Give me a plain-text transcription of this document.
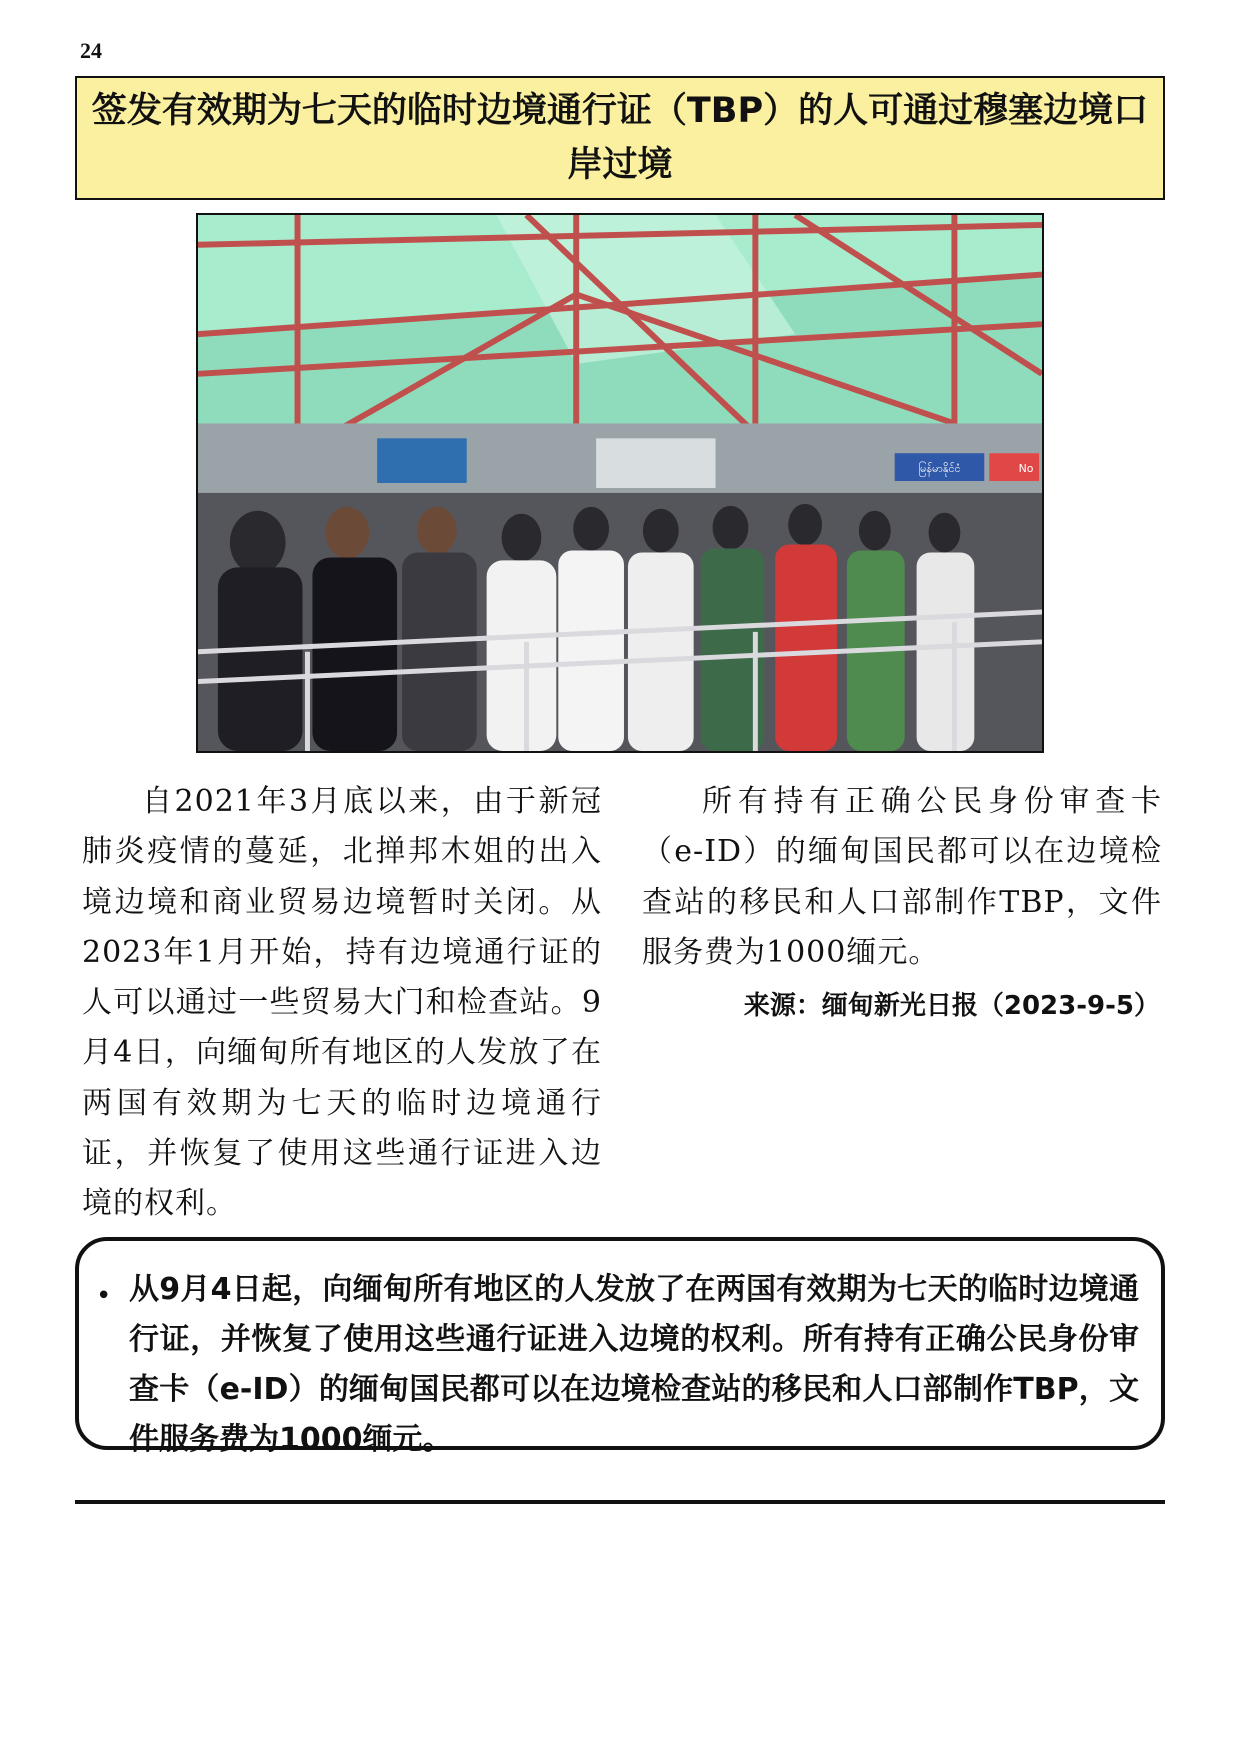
24
签发有效期为七天的临时边境通行证（TBP）的人可通过穆塞边境口岸过境
မြန်မာနိုင်ငံ	No

自2021年3月底以来，由于新冠肺炎疫情的蔓延，北掸邦木姐的出入境边境和商业贸易边境暂时关闭。从2023年1月开始，持有边境通行证的人可以通过一些贸易大门和检查站。9月4日，向缅甸所有地区的人发放了在两国有效期为七天的临时边境通行证，并恢复了使用这些通行证进入边境的权利。

所有持有正确公民身份审查卡（e-ID）的缅甸国民都可以在边境检查站的移民和人口部制作TBP，文件服务费为1000缅元。

来源：缅甸新光日报（2023-9-5）

• 从9月4日起，向缅甸所有地区的人发放了在两国有效期为七天的临时边境通行证，并恢复了使用这些通行证进入边境的权利。所有持有正确公民身份审查卡（e-ID）的缅甸国民都可以在边境检查站的移民和人口部制作TBP，文件服务费为1000缅元。
